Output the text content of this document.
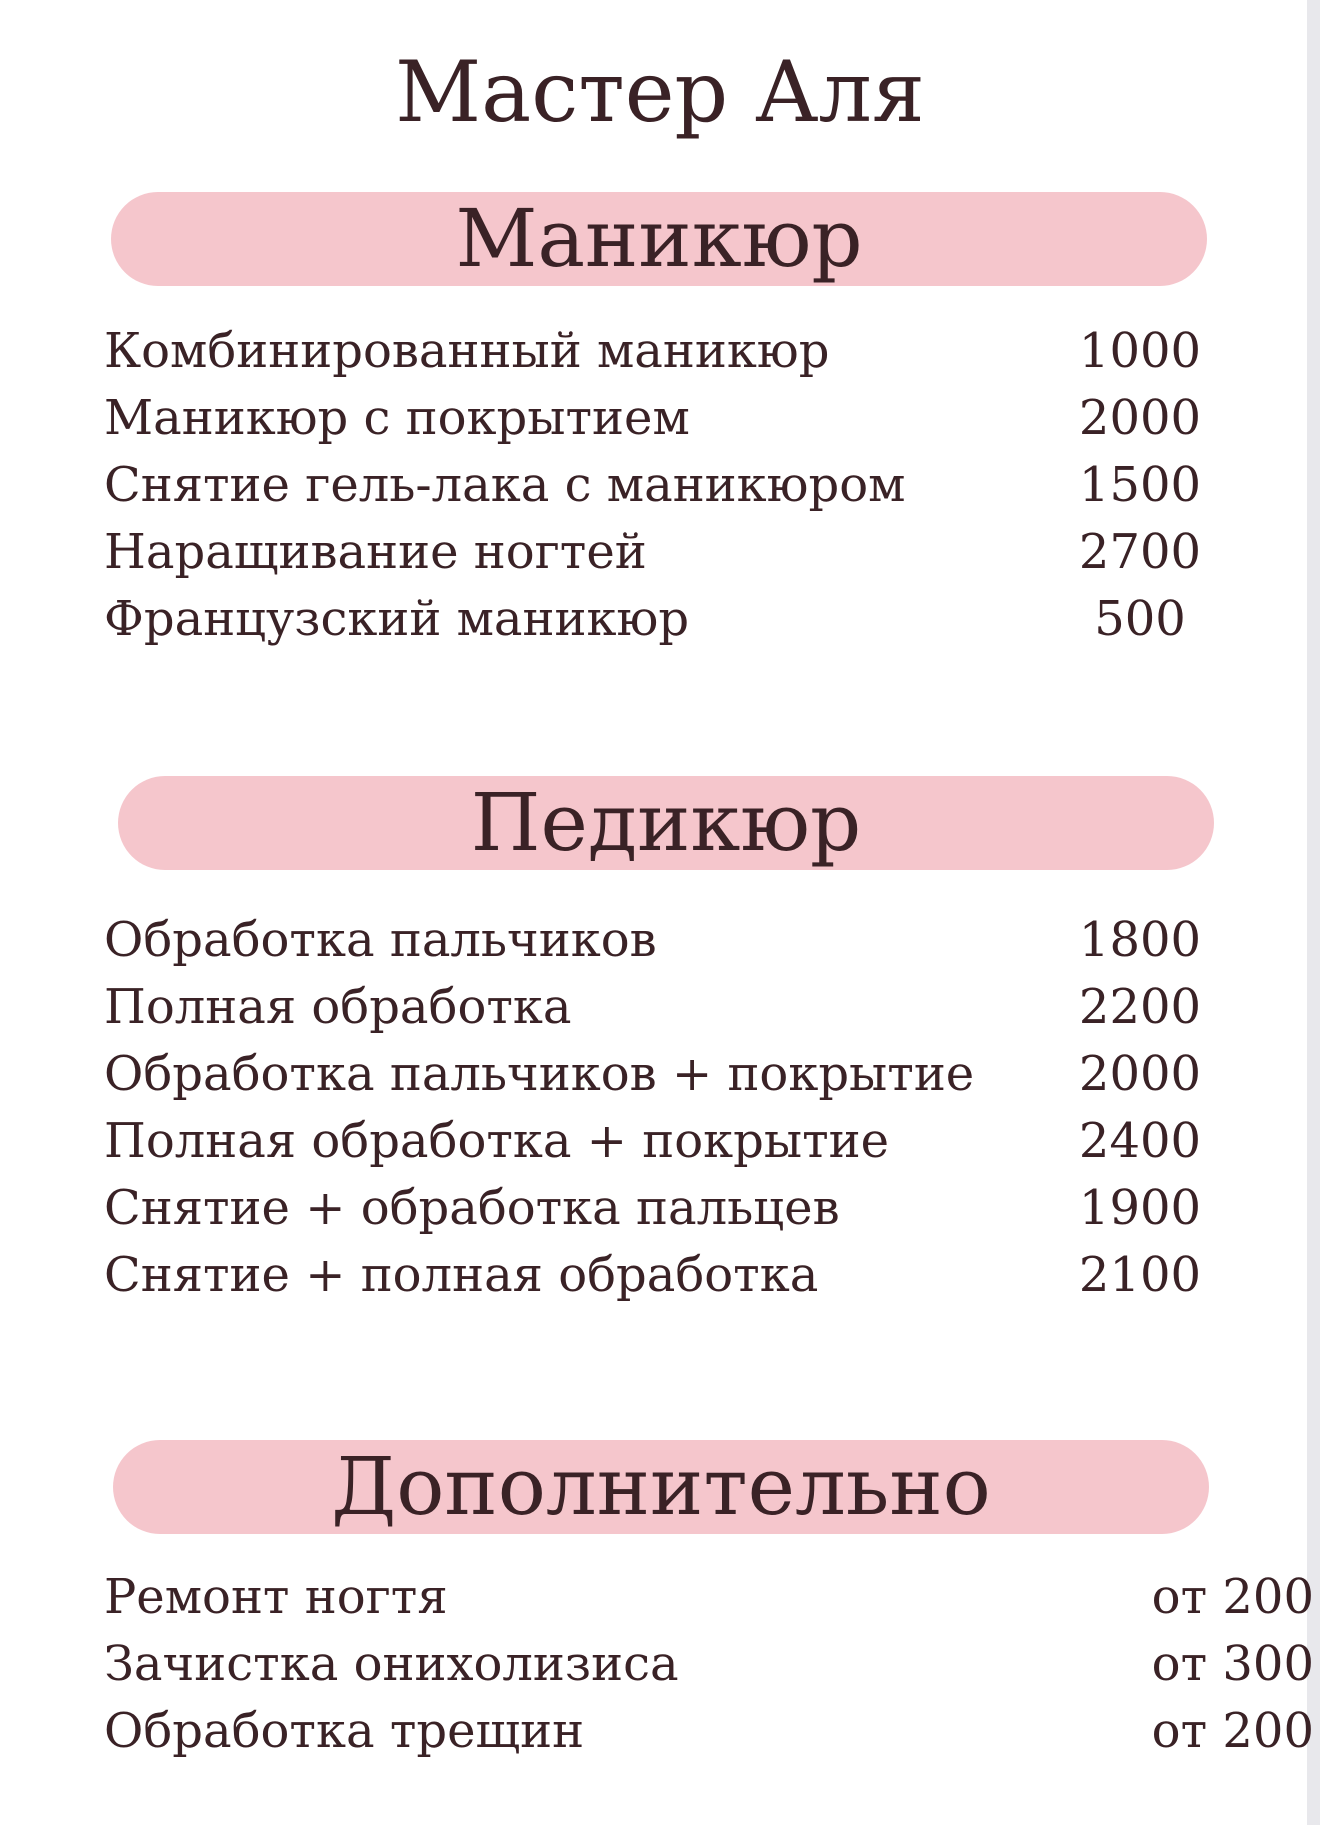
Мастер Аля
Маникюр
Комбинированный маникюр	1000
Маникюр с покрытием	2000
Снятие гель-лака с маникюром	1500
Наращивание ногтей	2700
Французский маникюр	500
Педикюр
Обработка пальчиков	1800
Полная обработка	2200
Обработка пальчиков + покрытие	2000
Полная обработка + покрытие	2400
Снятие + обработка пальцев	1900
Снятие + полная обработка	2100
Дополнительно
Ремонт ногтя	от 200
Зачистка онихолизиса	от 300
Обработка трещин	от 200
